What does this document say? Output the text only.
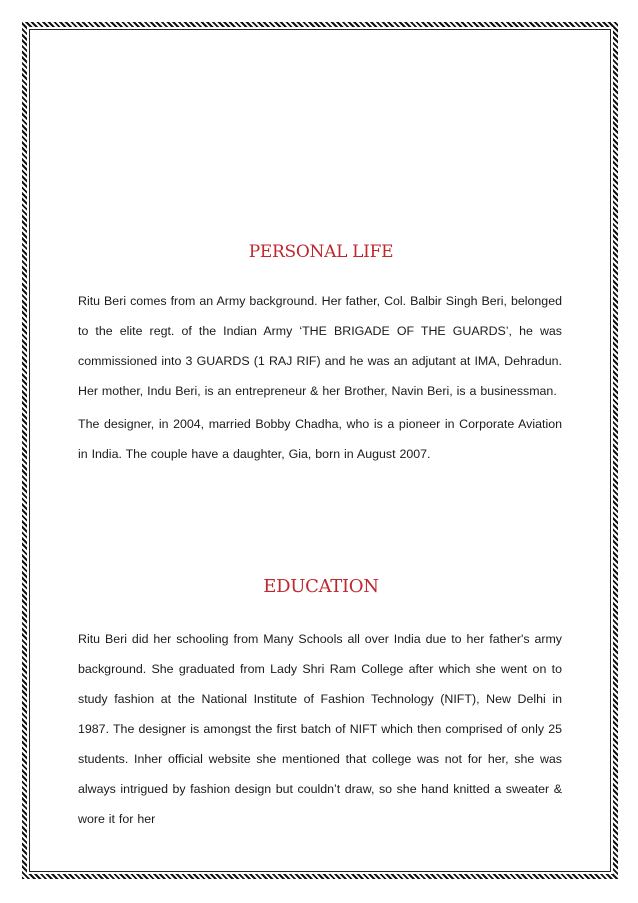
PERSONAL LIFE

Ritu Beri comes from an Army background. Her father, Col. Balbir Singh Beri, belonged to the elite regt. of the Indian Army ‘THE BRIGADE OF THE GUARDS’, he was commissioned into 3 GUARDS (1 RAJ RIF) and he was an adjutant at IMA, Dehradun. Her mother, Indu Beri, is an entrepreneur & her Brother, Navin Beri, is a businessman.

The designer, in 2004, married Bobby Chadha, who is a pioneer in Corporate Aviation in India. The couple have a daughter, Gia, born in August 2007.

EDUCATION

Ritu Beri did her schooling from Many Schools all over India due to her father's army background. She graduated from Lady Shri Ram College after which she went on to study fashion at the National Institute of Fashion Technology (NIFT), New Delhi in 1987. The designer is amongst the first batch of NIFT which then comprised of only 25 students. Inher official website she mentioned that college was not for her, she was always intrigued by fashion design but couldn’t draw, so she hand knitted a sweater & wore it for her
